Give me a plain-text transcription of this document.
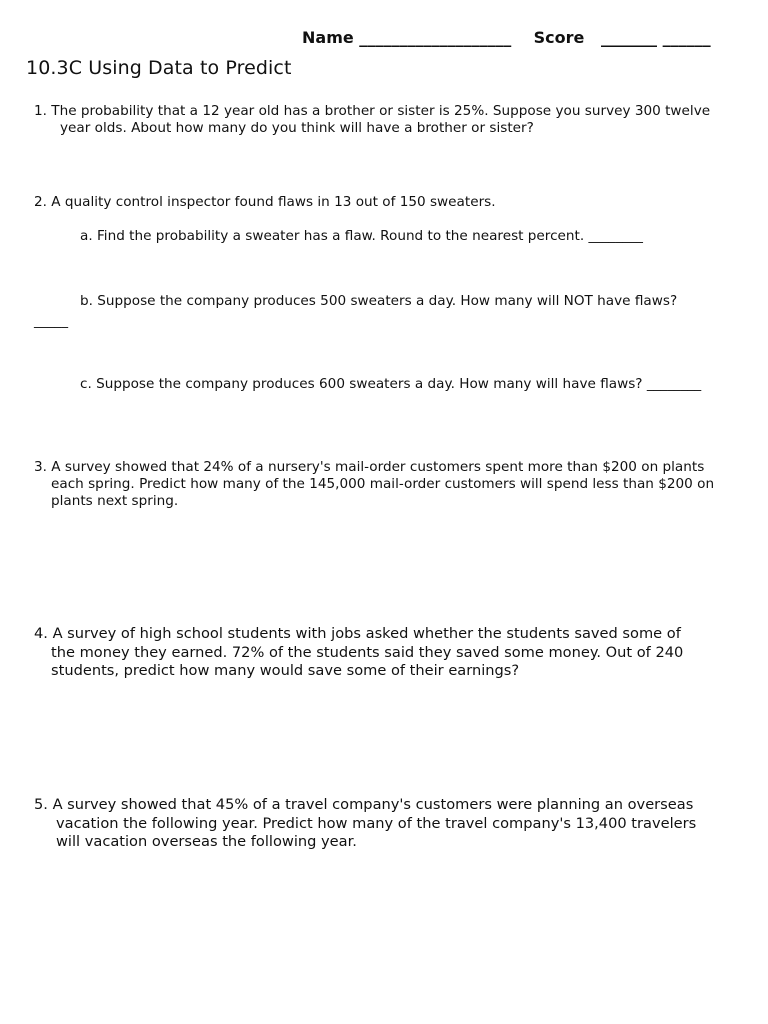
Name ___________________ Score _______ ______
10.3C Using Data to Predict
1. The probability that a 12 year old has a brother or sister is 25%. Suppose you survey 300 twelve
year olds. About how many do you think will have a brother or sister?
2. A quality control inspector found flaws in 13 out of 150 sweaters.
a. Find the probability a sweater has a flaw. Round to the nearest percent. ________
b. Suppose the company produces 500 sweaters a day. How many will NOT have flaws?
_____
c. Suppose the company produces 600 sweaters a day. How many will have flaws? ________
3. A survey showed that 24% of a nursery's mail-order customers spent more than $200 on plants
each spring. Predict how many of the 145,000 mail-order customers will spend less than $200 on
plants next spring.
4. A survey of high school students with jobs asked whether the students saved some of
the money they earned. 72% of the students said they saved some money. Out of 240
students, predict how many would save some of their earnings?
5. A survey showed that 45% of a travel company's customers were planning an overseas
vacation the following year. Predict how many of the travel company's 13,400 travelers
will vacation overseas the following year.
